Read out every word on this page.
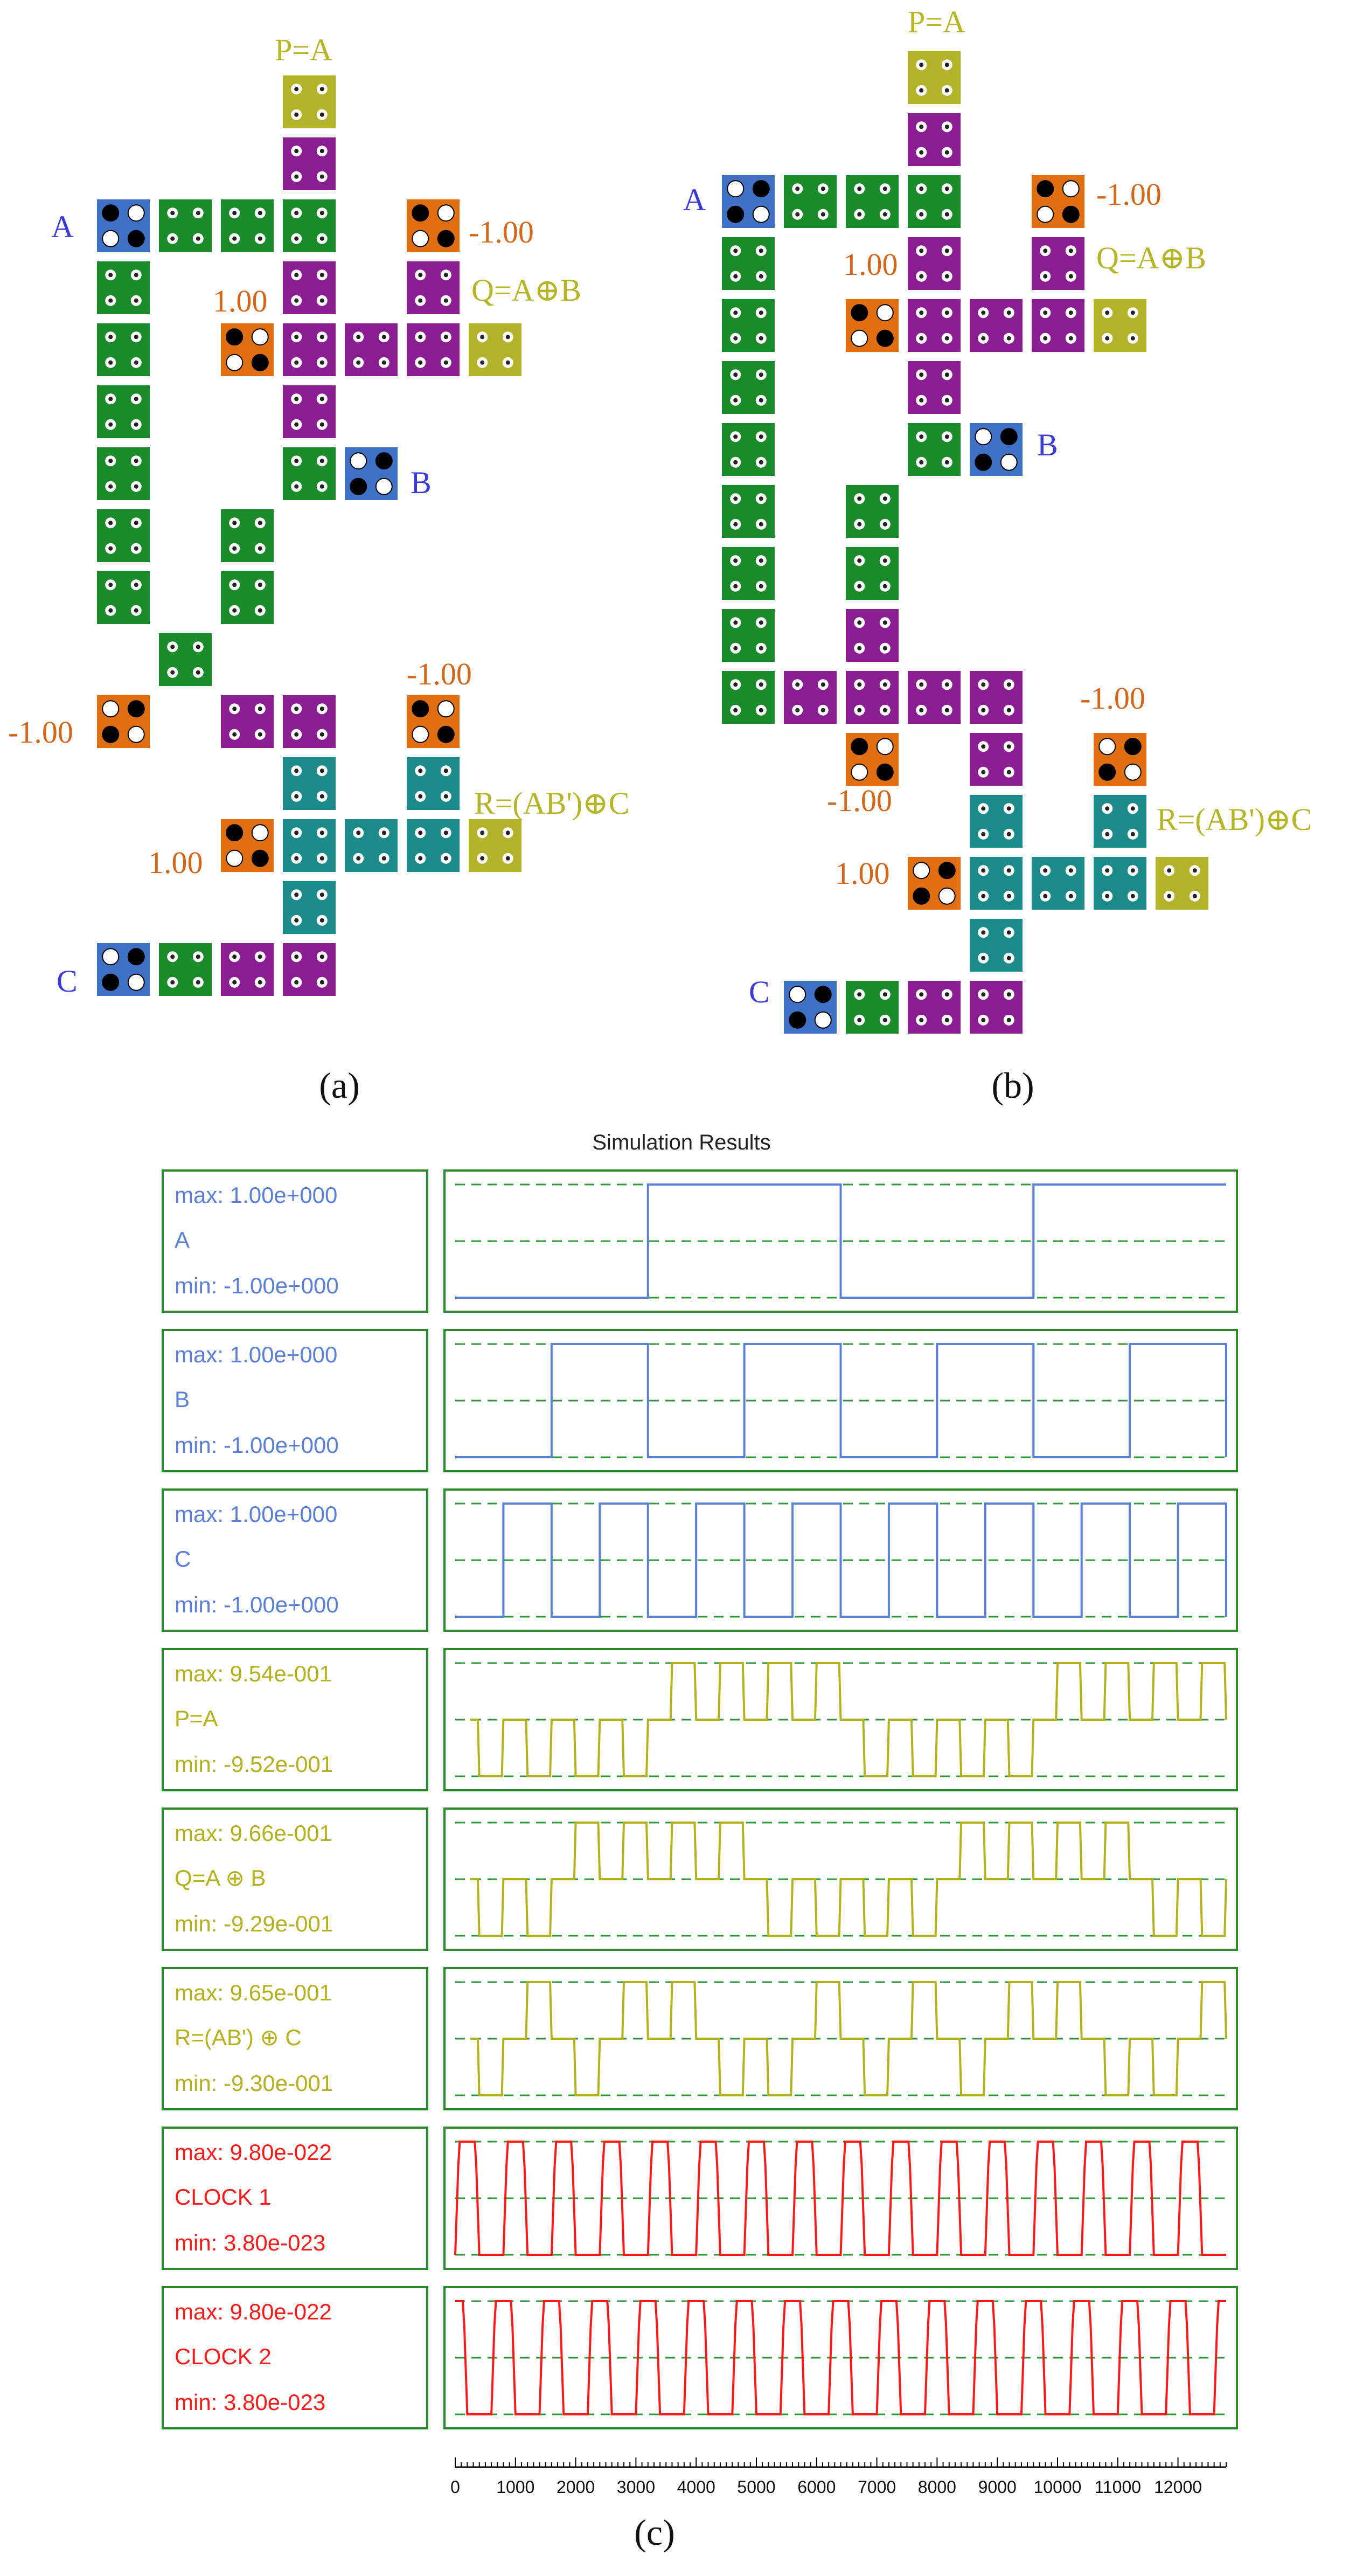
P=A
A	-1.00
1.00	Q=A⊕B
B
-1.00
-1.00
R=(AB')⊕C
1.00
C
P=A
A	-1.00
1.00	Q=A⊕B
B
-1.00
-1.00
R=(AB')⊕C
1.00
C
(a)	(b)
Simulation Results
max: 1.00e+000
A
min: -1.00e+000
max: 1.00e+000
B
min: -1.00e+000
max: 1.00e+000
C
min: -1.00e+000
max: 9.54e-001
P=A
min: -9.52e-001
max: 9.66e-001
Q=A ⊕ B
min: -9.29e-001
max: 9.65e-001
R=(AB') ⊕ C
min: -9.30e-001
max: 9.80e-022
CLOCK 1
min: 3.80e-023
max: 9.80e-022
CLOCK 2
min: 3.80e-023
0 1000 2000 3000 4000 5000 6000 7000 8000 9000 10000 11000 12000
(c)
